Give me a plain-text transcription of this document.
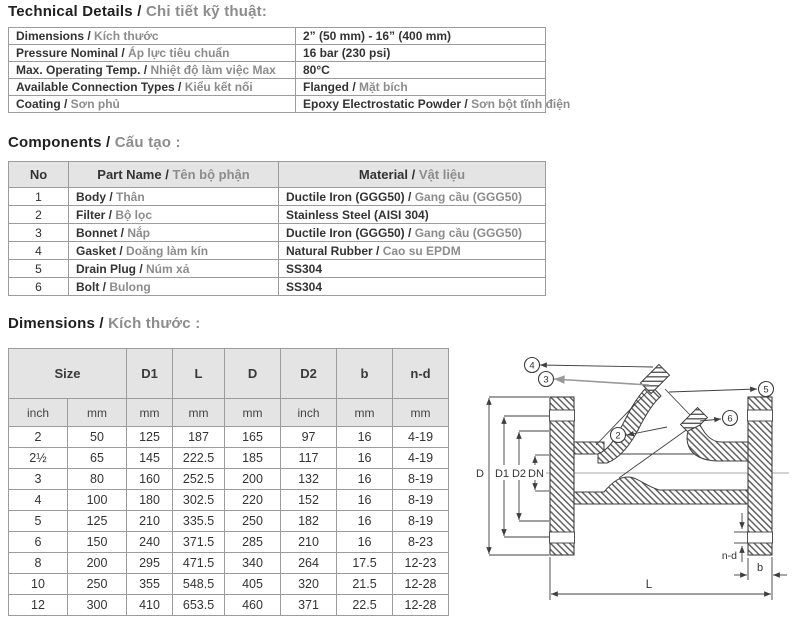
Technical Details / Chi tiết kỹ thuật:
Dimensions / Kích thước	2” (50 mm) - 16” (400 mm)
Pressure Nominal / Áp lực tiêu chuẩn	16 bar (230 psi)
Max. Operating Temp. / Nhiệt độ làm việc Max	80°C
Available Connection Types / Kiểu kết nối	Flanged / Mặt bích
Coating / Sơn phủ	Epoxy Electrostatic Powder / Sơn bột tĩnh điện
Components / Cấu tạo :
No	Part Name / Tên bộ phận	Material / Vật liệu
1	Body / Thân	Ductile Iron (GGG50) / Gang cầu (GGG50)
2	Filter / Bộ lọc	Stainless Steel (AISI 304)
3	Bonnet / Nắp	Ductile Iron (GGG50) / Gang cầu (GGG50)
4	Gasket / Doăng làm kín	Natural Rubber / Cao su EPDM
5	Drain Plug / Núm xả	SS304
6	Bolt / Bulong	SS304
Dimensions / Kích thước :
Size		D1	L	D	D2	b	n-d
inch	mm	mm	mm	mm	inch	mm	mm
2	50	125	187	165	97	16	4-19
2½	65	145	222.5	185	117	16	4-19
3	80	160	252.5	200	132	16	8-19
4	100	180	302.5	220	152	16	8-19
5	125	210	335.5	250	182	16	8-19
6	150	240	371.5	285	210	16	8-23
8	200	295	471.5	340	264	17.5	12-23
10	250	355	548.5	405	320	21.5	12-28
12	300	410	653.5	460	371	22.5	12-28
D D1 D2 DN
L
b
n-d
4
3
5
6
2
